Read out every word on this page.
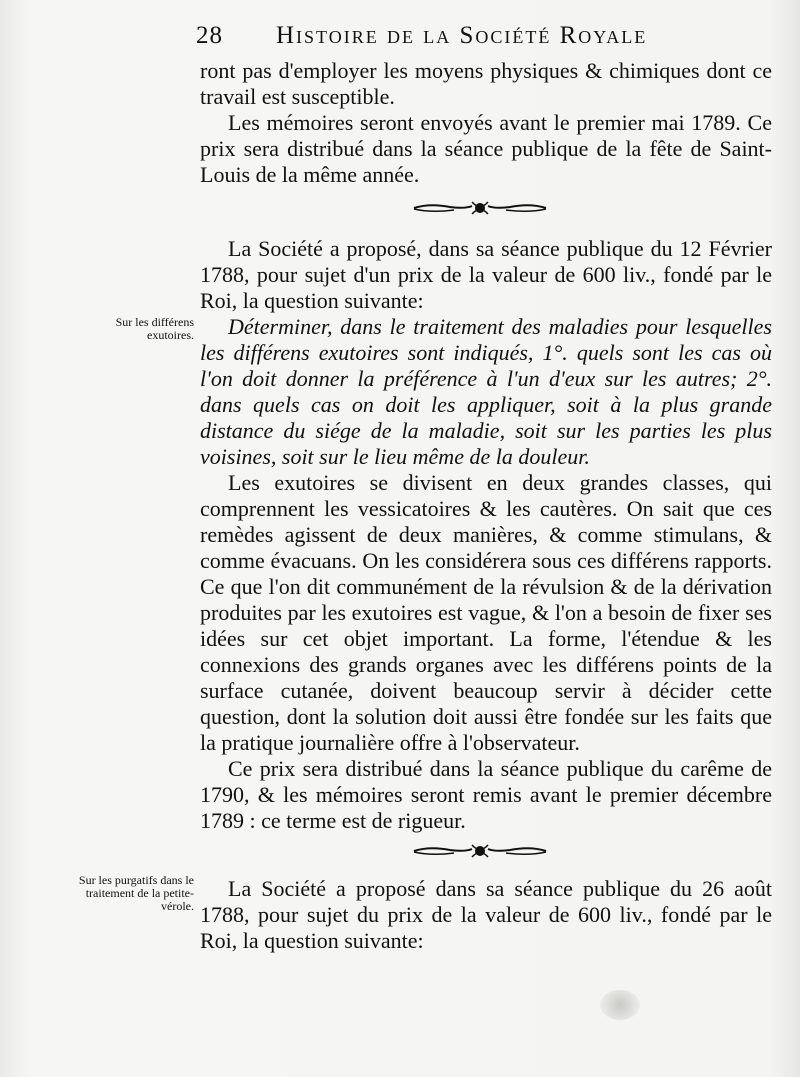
28 Histoire de la Société Royale

ront pas d'employer les moyens physiques & chimiques dont ce travail est susceptible.

Les mémoires seront envoyés avant le premier mai 1789. Ce prix sera distribué dans la séance publique de la fête de Saint-Louis de la même année.

Sur les différens exutoires.

La Société a proposé, dans sa séance publique du 12 Février 1788, pour sujet d'un prix de la valeur de 600 liv., fondé par le Roi, la question suivante:

Déterminer, dans le traitement des maladies pour lesquelles les différens exutoires sont indiqués, 1°. quels sont les cas où l'on doit donner la préférence à l'un d'eux sur les autres; 2°. dans quels cas on doit les appliquer, soit à la plus grande distance du siége de la maladie, soit sur les parties les plus voisines, soit sur le lieu même de la douleur.

Les exutoires se divisent en deux grandes classes, qui comprennent les vessicatoires & les cautères. On sait que ces remèdes agissent de deux manières, & comme stimulans, & comme évacuans. On les considérera sous ces différens rapports. Ce que l'on dit communément de la révulsion & de la dérivation produites par les exutoires est vague, & l'on a besoin de fixer ses idées sur cet objet important. La forme, l'étendue & les connexions des grands organes avec les différens points de la surface cutanée, doivent beaucoup servir à décider cette question, dont la solution doit aussi être fondée sur les faits que la pratique journalière offre à l'observateur.

Ce prix sera distribué dans la séance publique du carême de 1790, & les mémoires seront remis avant le premier décembre 1789 : ce terme est de rigueur.

Sur les purgatifs dans le traitement de la petite-vérole.

La Société a proposé dans sa séance publique du 26 août 1788, pour sujet du prix de la valeur de 600 liv., fondé par le Roi, la question suivante:
